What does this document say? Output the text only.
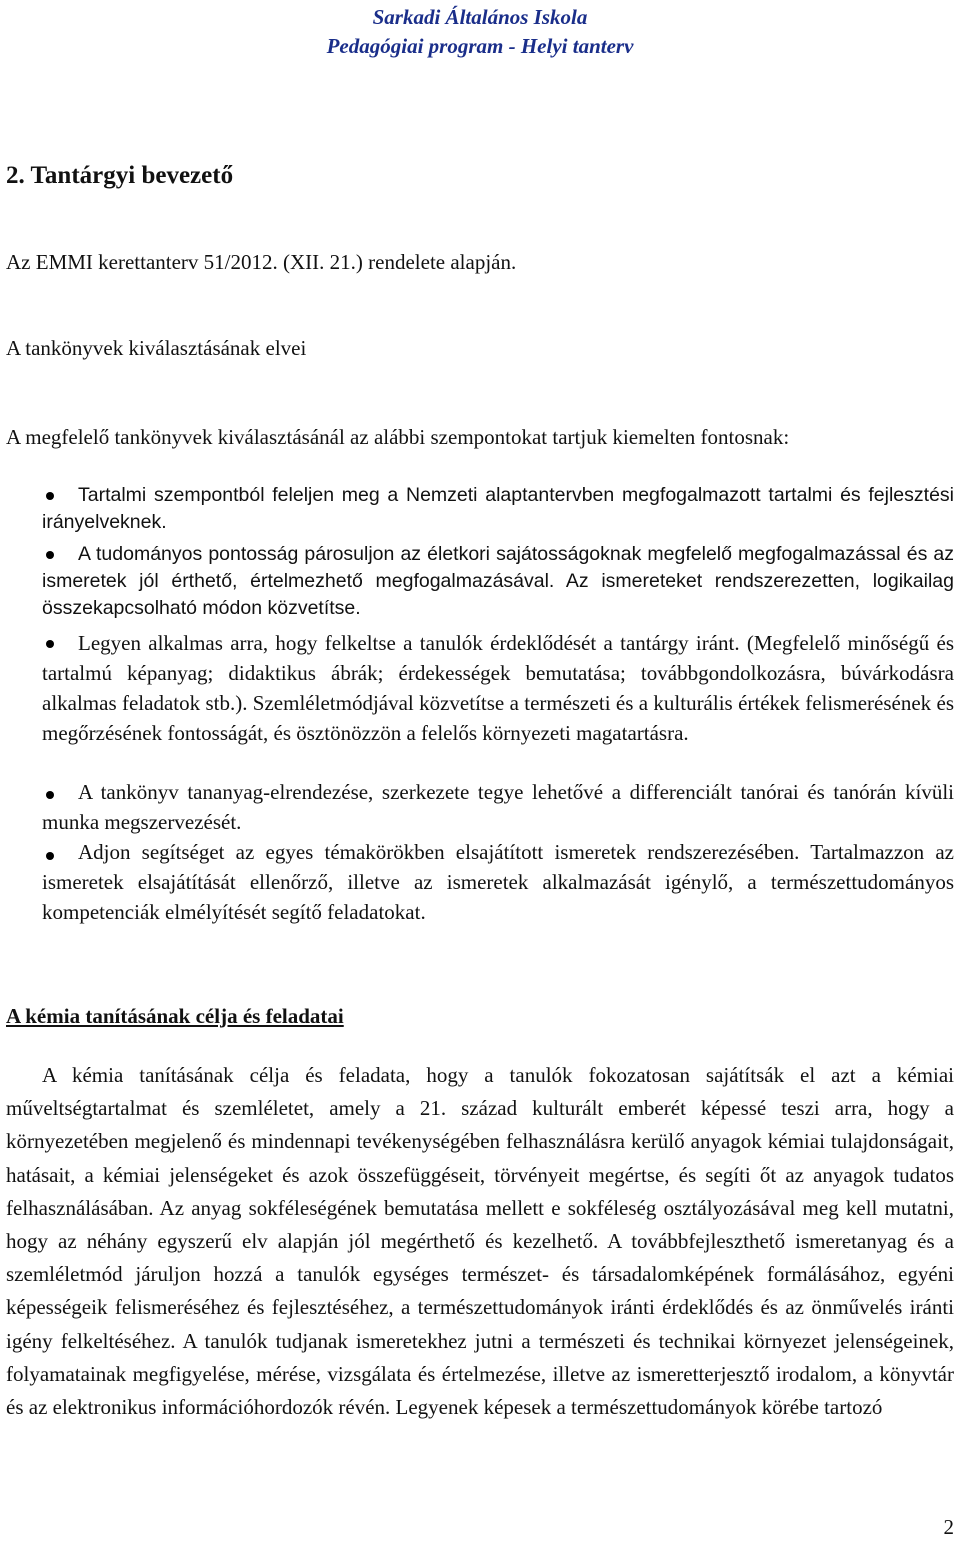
Sarkadi Általános Iskola
Pedagógiai program - Helyi tanterv
2. Tantárgyi bevezető
Az EMMI kerettanterv 51/2012. (XII. 21.) rendelete alapján.
A tankönyvek kiválasztásának elvei
A megfelelő tankönyvek kiválasztásánál az alábbi szempontokat tartjuk kiemelten fontosnak:
Tartalmi szempontból feleljen meg a Nemzeti alaptantervben megfogalmazott tartalmi és fejlesztési irányelveknek.
A tudományos pontosság párosuljon az életkori sajátosságoknak megfelelő megfogalmazással és az ismeretek jól érthető, értelmezhető megfogalmazásával. Az ismereteket rendszerezetten, logikailag összekapcsolható módon közvetítse.
Legyen alkalmas arra, hogy felkeltse a tanulók érdeklődését a tantárgy iránt. (Megfelelő minőségű és tartalmú képanyag; didaktikus ábrák; érdekességek bemutatása; továbbgondolkozásra, búvárkodásra alkalmas feladatok stb.). Szemléletmódjával közvetítse a természeti és a kulturális értékek felismerésének és megőrzésének fontosságát, és ösztönözzön a felelős környezeti magatartásra.
A tankönyv tananyag-elrendezése, szerkezete tegye lehetővé a differenciált tanórai és tanórán kívüli munka megszervezését.
Adjon segítséget az egyes témakörökben elsajátított ismeretek rendszerezésében. Tartalmazzon az ismeretek elsajátítását ellenőrző, illetve az ismeretek alkalmazását igénylő, a természettudományos kompetenciák elmélyítését segítő feladatokat.
A kémia tanításának célja és feladatai
A kémia tanításának célja és feladata, hogy a tanulók fokozatosan sajátítsák el azt a kémiai műveltségtartalmat és szemléletet, amely a 21. század kulturált emberét képessé teszi arra, hogy a környezetében megjelenő és mindennapi tevékenységében felhasználásra kerülő anyagok kémiai tulajdonságait, hatásait, a kémiai jelenségeket és azok összefüggéseit, törvényeit megértse, és segíti őt az anyagok tudatos felhasználásában. Az anyag sokféleségének bemutatása mellett e sokféleség osztályozásával meg kell mutatni, hogy az néhány egyszerű elv alapján jól megérthető és kezelhető. A továbbfejleszthető ismeretanyag és a szemléletmód járuljon hozzá a tanulók egységes természet- és társadalomképének formálásához, egyéni képességeik felismeréséhez és fejlesztéséhez, a természettudományok iránti érdeklődés és az önművelés iránti igény felkeltéséhez. A tanulók tudjanak ismeretekhez jutni a természeti és technikai környezet jelenségeinek, folyamatainak megfigyelése, mérése, vizsgálata és értelmezése, illetve az ismeretterjesztő irodalom, a könyvtár és az elektronikus információhordozók révén. Legyenek képesek a természettudományok körébe tartozó
2
